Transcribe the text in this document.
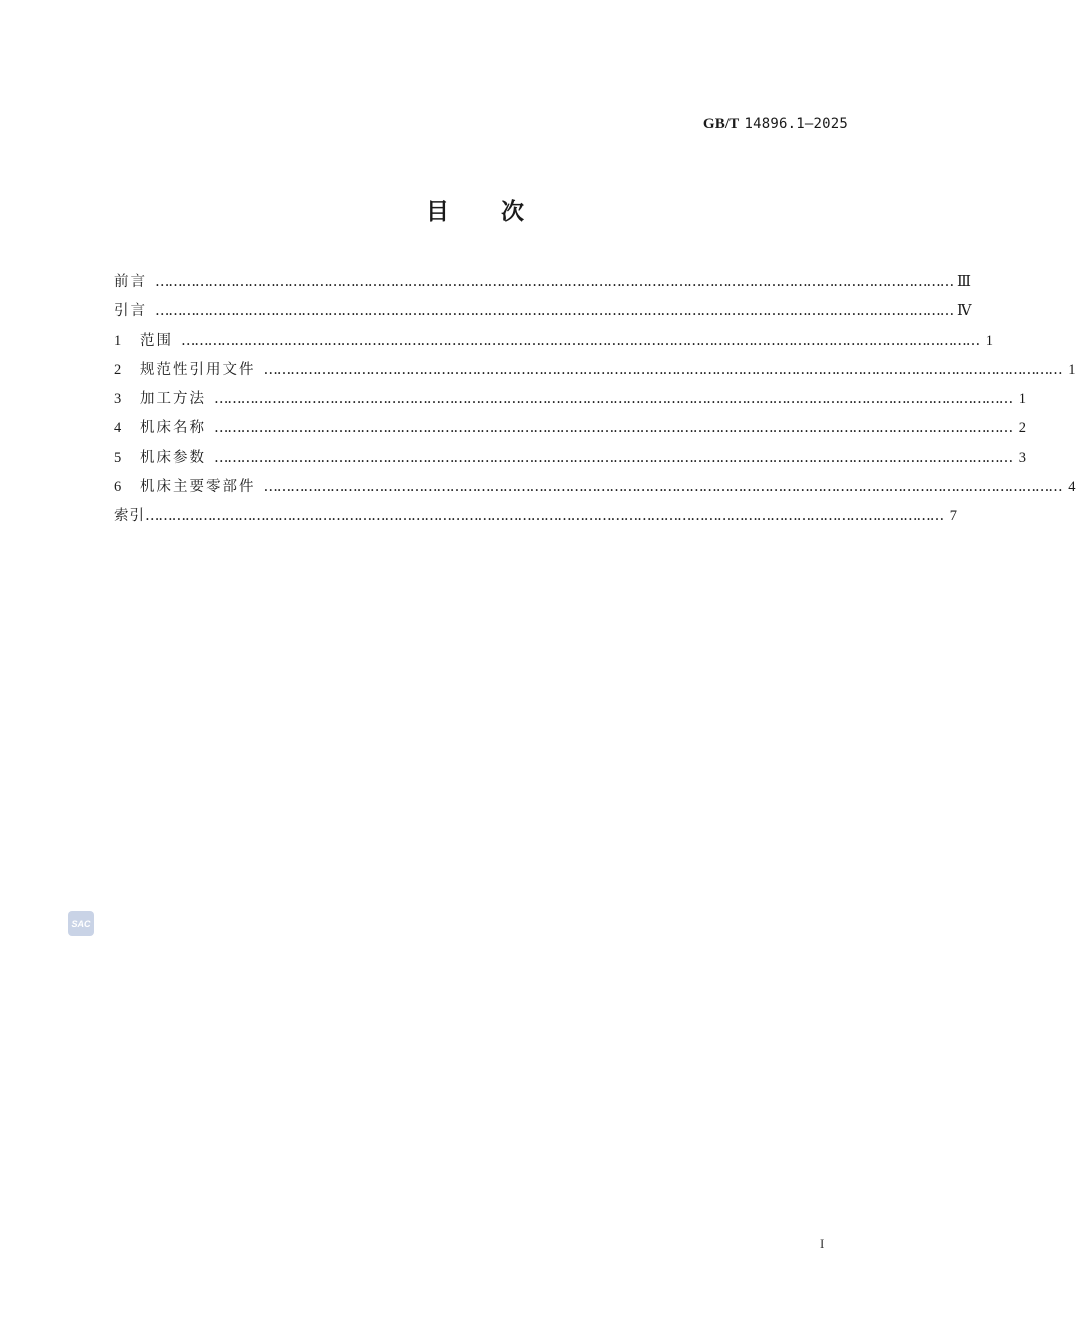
GB/T 14896.1—2025
目次
前言 ……………………………………………………………………………………………………………………………………………………………… Ⅲ
引言 ……………………………………………………………………………………………………………………………………………………………… Ⅳ
1	范围 ……………………………………………………………………………………………………………………………………………………………… 1
2	规范性引用文件 ……………………………………………………………………………………………………………………………………………………………… 1
3	加工方法 ……………………………………………………………………………………………………………………………………………………………… 1
4	机床名称 ……………………………………………………………………………………………………………………………………………………………… 2
5	机床参数 ……………………………………………………………………………………………………………………………………………………………… 3
6	机床主要零部件 ……………………………………………………………………………………………………………………………………………………………… 4
索引 ……………………………………………………………………………………………………………………………………………………………… 7
SAC
I
